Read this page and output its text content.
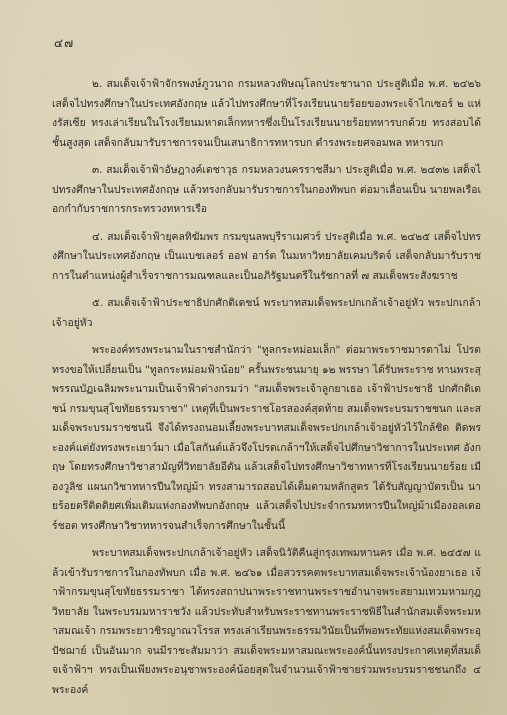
๔๗

๒. สมเด็จเจ้าฟ้าจักรพงษ์ภูวนาถ กรมหลวงพิษณุโลกประชานาถ ประสูติเมื่อ พ.ศ. ๒๔๒๖ เสด็จไปทรงศึกษาในประเทศอังกฤษ แล้วไปทรงศึกษาที่โรงเรียนนายร้อยของพระเจ้าไกเซอร์ ๒ แห่งรัสเซีย ทรงเล่าเรียนในโรงเรียนมหาดเล็กทหารซึ่งเป็นโรงเรียนนายร้อยทหารบกด้วย ทรงสอบได้ชั้นสูงสุด เสด็จกลับมารับราชการจนเป็นเสนาธิการทหารบก ดำรงพระยศจอมพล ทหารบก

๓. สมเด็จเจ้าฟ้าอัษฎางค์เดชาวุธ กรมหลวงนครราชสีมา ประสูติเมื่อ พ.ศ. ๒๔๓๒ เสด็จไปทรงศึกษาในประเทศอังกฤษ แล้วทรงกลับมารับราชการในกองทัพบก ต่อมาเลื่อนเป็น นายพลเรือเอกกำกับราชการกระทรวงทหารเรือ

๔. สมเด็จเจ้าฟ้ายุคลทิฆัมพร กรมขุนลพบุรีราเมศวร์ ประสูติเมื่อ พ.ศ. ๒๔๒๕ เสด็จไปทรงศึกษาในประเทศอังกฤษ เป็นแบชเลอร์ ออฟ อาร์ต ในมหาวิทยาลัยเคมบริดจ์ เสด็จกลับมารับราชการในตำแหน่งผู้สำเร็จราชการมณฑลและเป็นอภิรัฐมนตรีในรัชกาลที่ ๗ สมเด็จพระสังฆราช

๕. สมเด็จเจ้าฟ้าประชาธิปกศักดิเดชน์ พระบาทสมเด็จพระปกเกล้าเจ้าอยู่หัว พระปกเกล้าเจ้าอยู่หัว

พระองค์ทรงพระนามในราชสำนักว่า "ทูลกระหม่อมเล็ก" ต่อมาพระราชมารดาไม่ โปรด ทรงขอให้เปลี่ยนเป็น "ทูลกระหม่อมฟ้าน้อย" ครั้นพระชนมายุ ๑๒ พรรษา ได้รับพระราช ทานพระสุพรรณบัฏเฉลิมพระนามเป็นเจ้าฟ้าต่างกรมว่า "สมเด็จพระเจ้าลูกยาเธอ เจ้าฟ้าประชาธิ ปกศักดิเดชน์ กรมขุนสุโขทัยธรรมราชา" เหตุที่เป็นพระราชโอรสองค์สุดท้าย สมเด็จพระบรมราชชนก และสมเด็จพระบรมราชชนนี จึงได้ทรงถนอมเลี้ยงพระบาทสมเด็จพระปกเกล้าเจ้าอยู่หัวไว้ใกล้ชิด ติดพระองค์แต่ยังทรงพระเยาว์มา เมื่อโสกันต์แล้วจึงโปรดเกล้าฯให้เสด็จไปศึกษาวิชาการในประเทศ อังกฤษ โดยทรงศึกษาวิชาสามัญที่วิทยาลัยอีตัน แล้วเสด็จไปทรงศึกษาวิชาทหารที่โรงเรียนนายร้อย เมืองวูลิช แผนกวิชาทหารปืนใหญ่ม้า ทรงสามารถสอบได้เต็มตามหลักสูตร ได้รับสัญญาบัตรเป็น นายร้อยตรีติดดิยศเพิ่มเติมแห่งกองทัพบกอังกฤษ แล้วเสด็จไปประจำกรมทหารปืนใหญ่ม้าเมืองอลเดอร์ชอต ทรงศึกษาวิชาทหารจนสำเร็จการศึกษาในชั้นนี้

พระบาทสมเด็จพระปกเกล้าเจ้าอยู่หัว เสด็จนิวัติคืนสู่กรุงเทพมหานคร เมื่อ พ.ศ. ๒๔๕๗ แล้วเข้ารับราชการในกองทัพบก เมื่อ พ.ศ. ๒๔๖๑ เมื่อสวรรคตพระบาทสมเด็จพระเจ้าน้องยาเธอ เจ้าฟ้ากรมขุนสุโขทัยธรรมราชา ได้ทรงสถาปนาพระราชทานพระราชอำนาจพระสยามเทวมหามกุฎวิทยาลัย ในพระบรมมหาราชวัง แล้วประทับสำหรับพระราชทานพระราชพิธีในสำนักสมเด็จพระมหาสมณเจ้า กรมพระยาวชิรญาณวโรรส ทรงเล่าเรียนพระธรรมวินัยเป็นที่พอพระทัยแห่งสมเด็จพระอุปัชฌาย์ เป็นอันมาก จนมีราชะสัมมาว่า สมเด็จพระมหาสมณะพระองค์นั้นทรงประกาศเหตุที่สมเด็จเจ้าฟ้าฯ ทรงเป็นเพียงพระอนุชาพระองค์น้อยสุดในจำนวนเจ้าฟ้าชายร่วมพระบรมราชชนกถึง ๔ พระองค์
